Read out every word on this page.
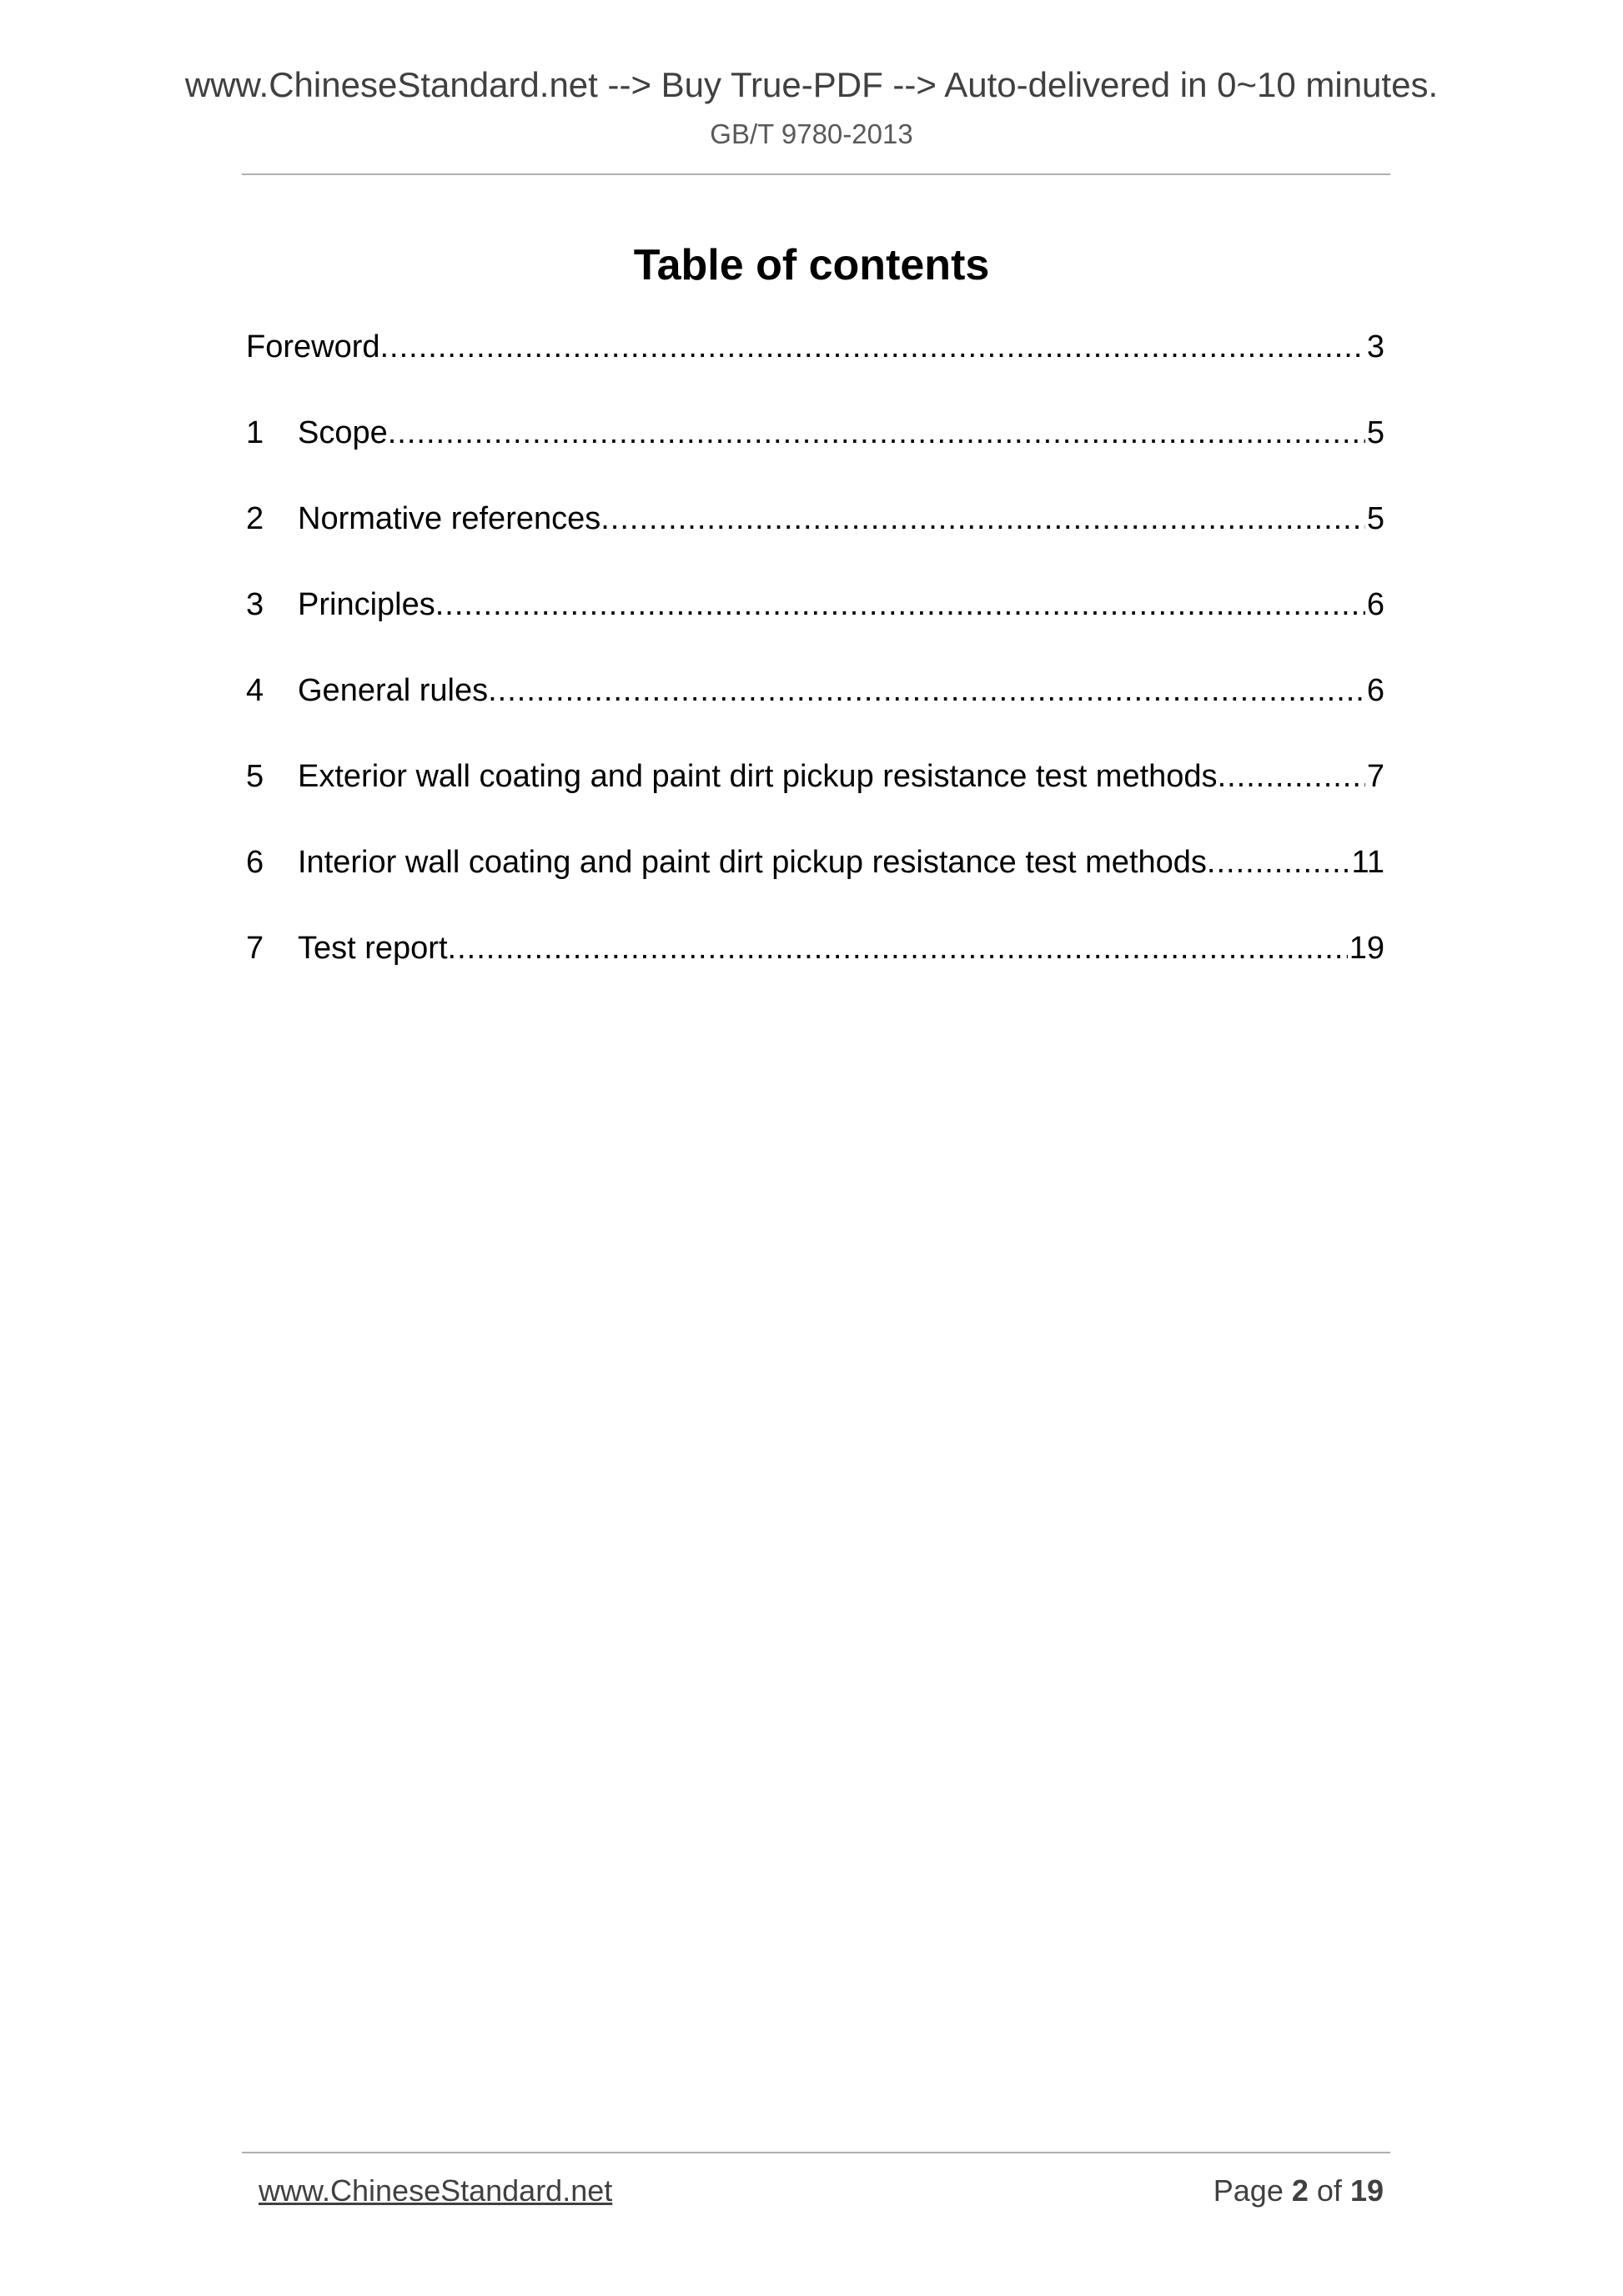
www.ChineseStandard.net --> Buy True-PDF --> Auto-delivered in 0~10 minutes.
GB/T 9780-2013
Table of contents
Foreword .....	3
1	Scope .....	5
2	Normative references .....	5
3	Principles .....	6
4	General rules .....	6
5	Exterior wall coating and paint dirt pickup resistance test methods .....	7
6	Interior wall coating and paint dirt pickup resistance test methods .....	11
7	Test report .....	19
www.ChineseStandard.net	Page 2 of 19
